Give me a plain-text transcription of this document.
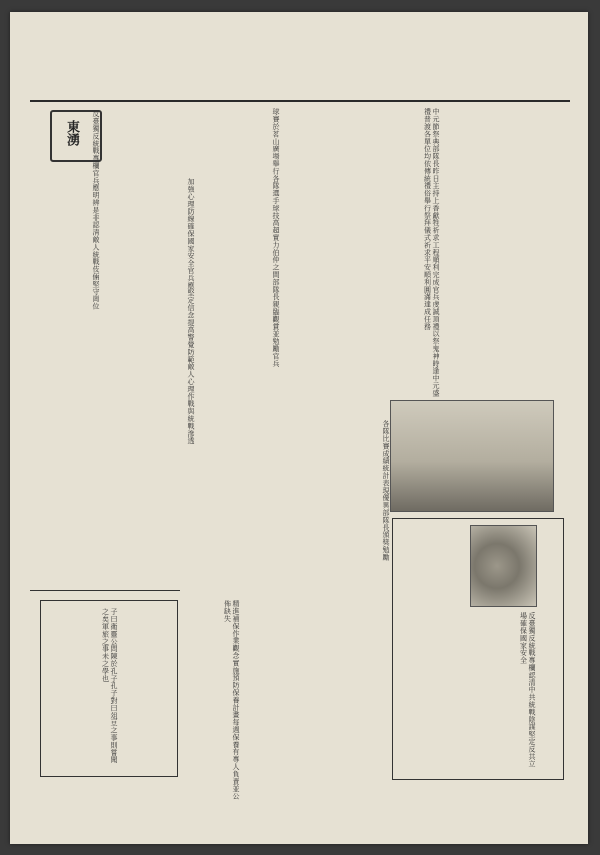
東湧	中元節祭典部隊長昨日主持上香獻牲祈求工程順利完成官兵虔誠頂禮以祭鬼神時逢中元盛禮普渡各單位均依傳統禮俗舉行祭拜儀式祈求平安順利圓滿達成任務
球賽於茗山廣場舉行各隊選手球技高超實力伯仲之間部隊長親臨觀賞並勉勵官兵
加強心理防線確保國家安全官兵應堅定信念提高警覺防範敵人心理作戰與統戰滲透
反臺獨反統戰專欄官兵應明辨是非認清敵人統戰伎倆堅守崗位
反臺獨反統戰專欄認清中共統戰陰謀堅定反共立場確保國家安全
精進補保作業觀念實施預防保養計畫每週保養有專人負責並公佈缺失
各隊比賽成績統計表現優異部隊長頒獎勉勵
子曰衛靈公問陳於孔子孔子對曰俎豆之事則嘗聞之矣軍旅之事未之學也
